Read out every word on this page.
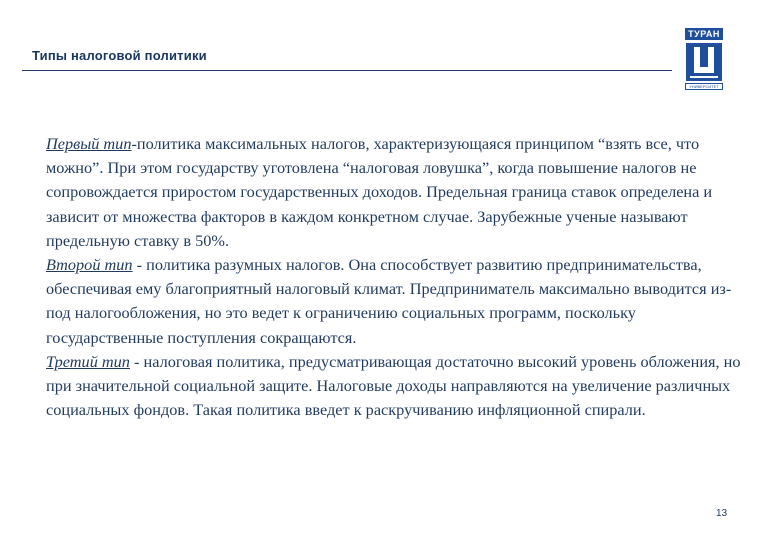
Типы налоговой политики
ТУРАН
УНИВЕРСИТЕТ

Первый тип-политика максимальных налогов, характеризующаяся принципом “взять все, что можно”. При этом государству уготовлена “налоговая ловушка”, когда повышение налогов не сопровождается приростом государственных доходов. Предельная граница ставок определена и зависит от множества факторов в каждом конкретном случае. Зарубежные ученые называют предельную ставку в 50%.

Второй тип - политика разумных налогов. Она способствует развитию предпринимательства, обеспечивая ему благоприятный налоговый климат. Предприниматель максимально выводится из-под налогообложения, но это ведет к ограничению социальных программ, поскольку государственные поступления сокращаются.

Третий тип - налоговая политика, предусматривающая достаточно высокий уровень обложения, но при значительной социальной защите. Налоговые доходы направляются на увеличение различных социальных фондов. Такая политика введет к раскручиванию инфляционной спирали.

13
